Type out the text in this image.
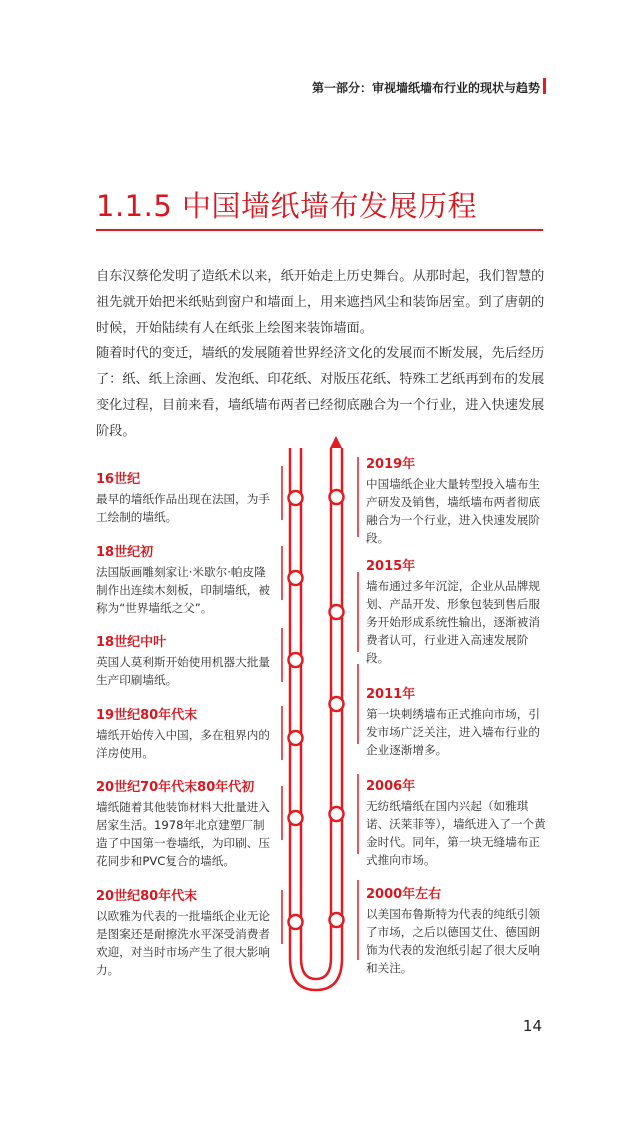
第一部分：审视墙纸墙布行业的现状与趋势
1.1.5 中国墙纸墙布发展历程

自东汉蔡伦发明了造纸术以来，纸开始走上历史舞台。从那时起，我们智慧的祖先就开始把米纸贴到窗户和墙面上，用来遮挡风尘和装饰居室。到了唐朝的时候，开始陆续有人在纸张上绘图来装饰墙面。

随着时代的变迁，墙纸的发展随着世界经济文化的发展而不断发展，先后经历了：纸、纸上涂画、发泡纸、印花纸、对版压花纸、特殊工艺纸再到布的发展变化过程，目前来看，墙纸墙布两者已经彻底融合为一个行业，进入快速发展阶段。

16世纪
最早的墙纸作品出现在法国，为手工绘制的墙纸。
18世纪初
法国版画雕刻家让·米歇尔·帕皮隆制作出连续木刻板，印制墙纸，被称为“世界墙纸之父”。
18世纪中叶
英国人莫利斯开始使用机器大批量生产印刷墙纸。
19世纪80年代末
墙纸开始传入中国，多在租界内的洋房使用。
20世纪70年代末80年代初
墙纸随着其他装饰材料大批量进入居家生活。1978年北京建塑厂制造了中国第一卷墙纸，为印刷、压花同步和PVC复合的墙纸。
20世纪80年代末
以欧雅为代表的一批墙纸企业无论是图案还是耐擦洗水平深受消费者欢迎，对当时市场产生了很大影响力。
2019年
中国墙纸企业大量转型投入墙布生产研发及销售，墙纸墙布两者彻底融合为一个行业，进入快速发展阶段。
2015年
墙布通过多年沉淀，企业从品牌规划、产品开发、形象包装到售后服务开始形成系统性输出，逐渐被消费者认可，行业进入高速发展阶段。
2011年
第一块刺绣墙布正式推向市场，引发市场广泛关注，进入墙布行业的企业逐渐增多。
2006年
无纺纸墙纸在国内兴起（如雅琪诺、沃莱菲等），墙纸进入了一个黄金时代。同年，第一块无缝墙布正式推向市场。
2000年左右
以美国布鲁斯特为代表的纯纸引领了市场，之后以德国艾仕、德国朗饰为代表的发泡纸引起了很大反响和关注。
14
